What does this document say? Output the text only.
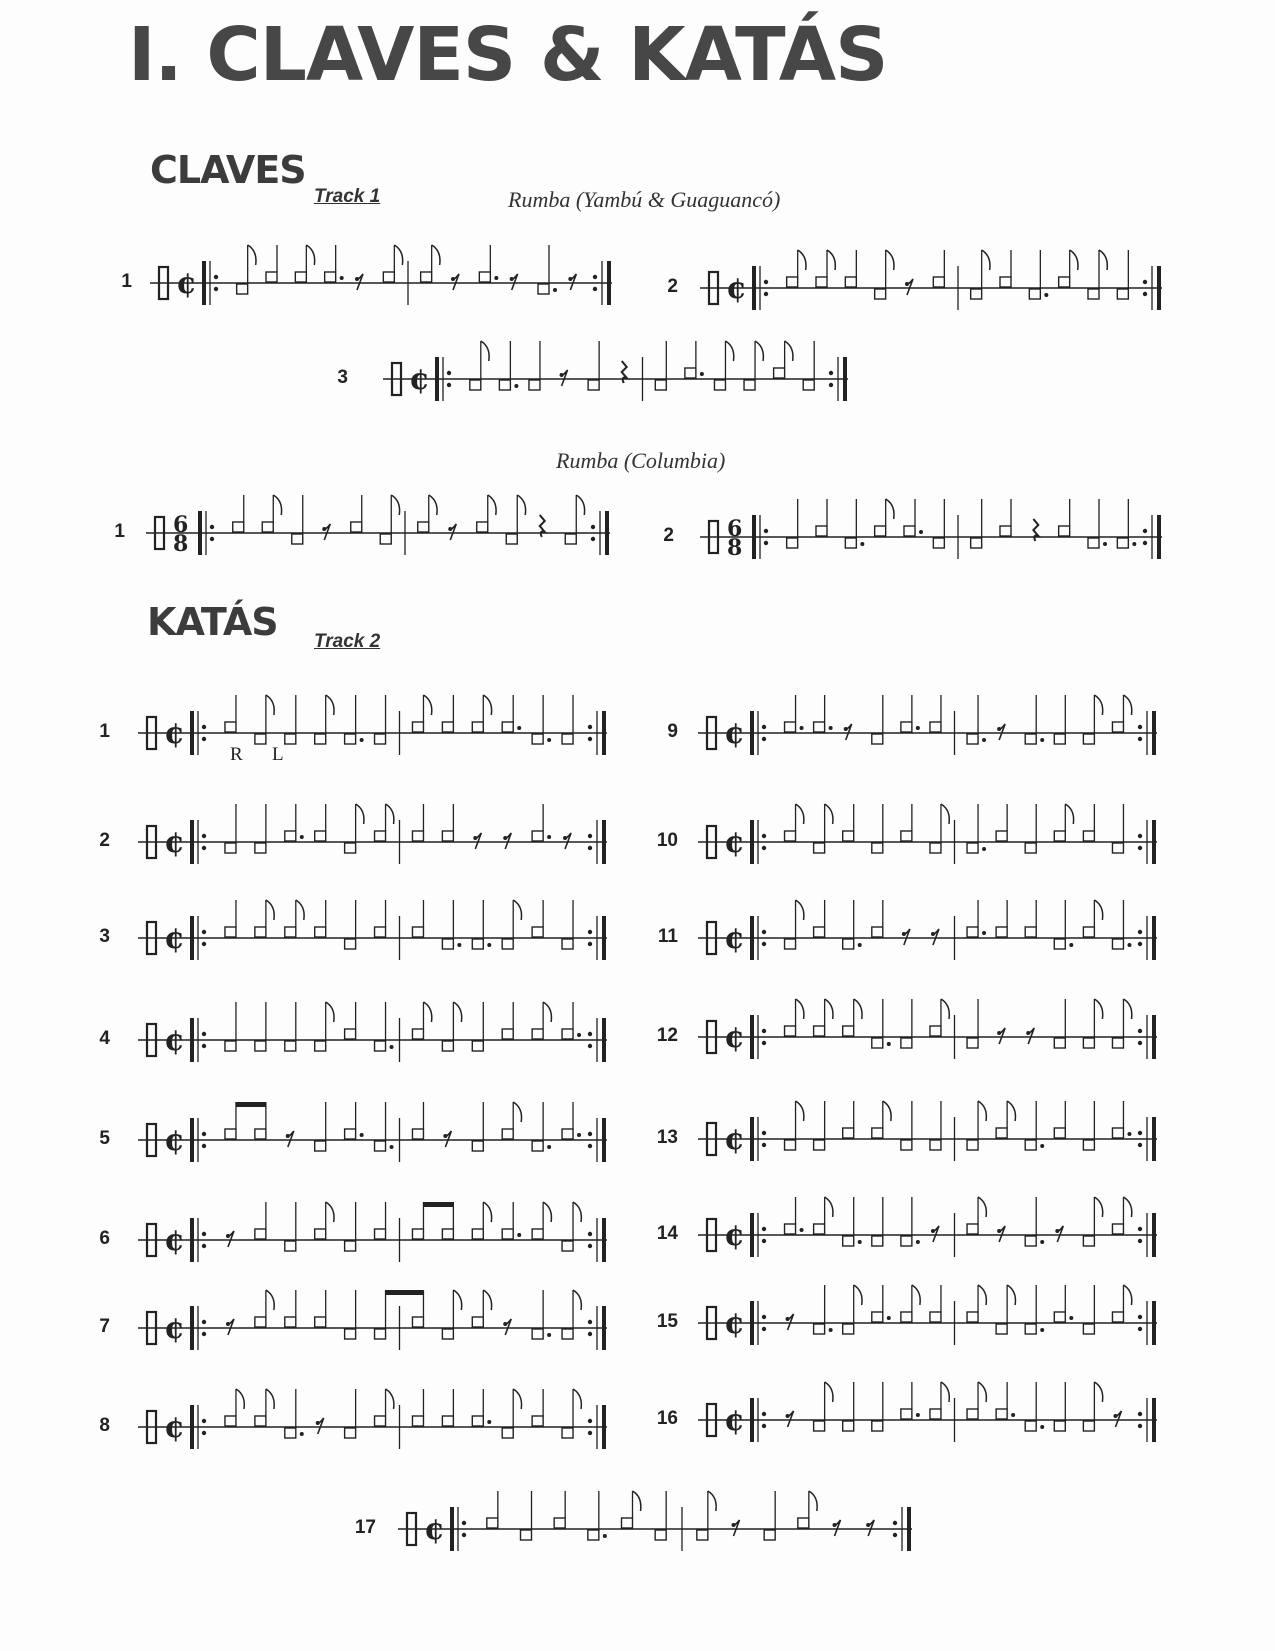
I. CLAVES & KATÁS
CLAVES
Track 1	Rumba (Yambú & Guaguancó)
Rumba (Columbia)
KATÁS Track 2
¢
1	¢
2
¢
3
6
8
1	6
8
2
¢
R L
1
¢
2
¢
3
¢
4
¢
5
¢
6
¢
7
¢
8
¢
9
¢
10
¢
11
¢
12
¢
13
¢
14
¢
15
¢
16
¢
17
